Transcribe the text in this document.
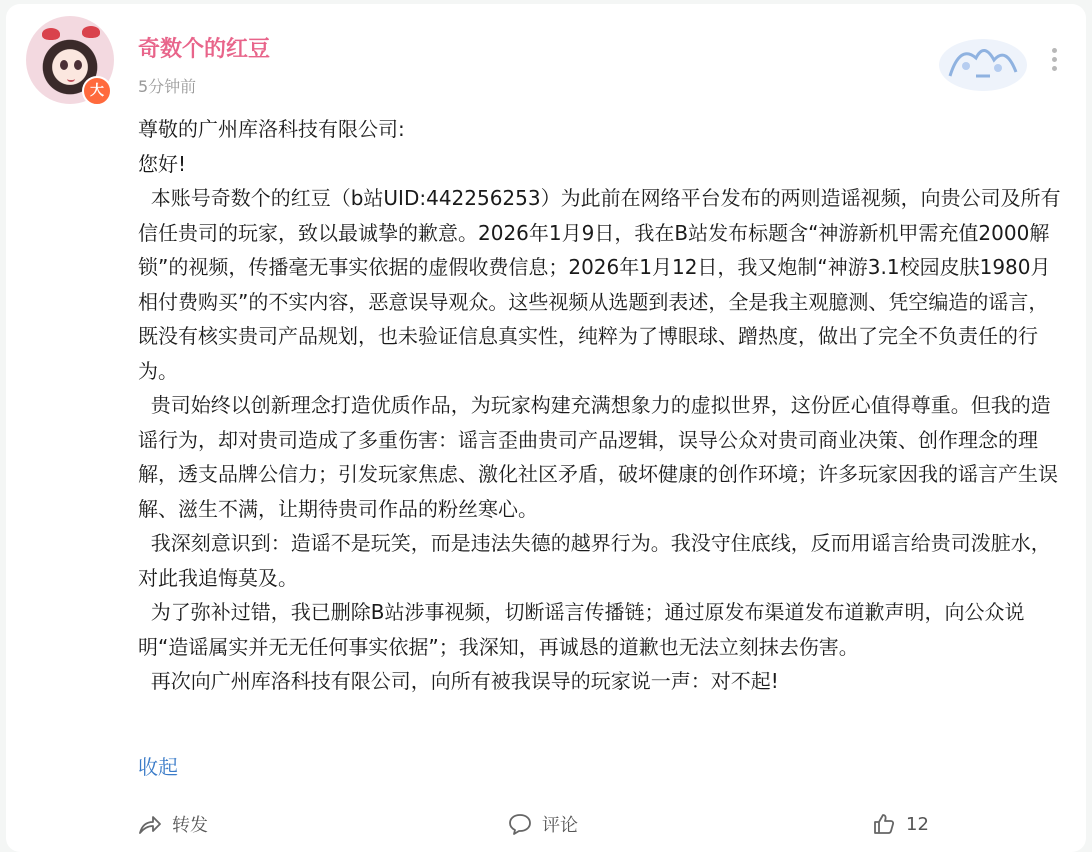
大
奇数个的红豆
5分钟前

尊敬的广州库洛科技有限公司:

您好!

本账号奇数个的红豆（b站UID:442256253）为此前在网络平台发布的两则造谣视频，向贵公司及所有信任贵司的玩家，致以最诚挚的歉意。2026年1月9日，我在B站发布标题含“神游新机甲需充值2000解锁”的视频，传播毫无事实依据的虚假收费信息；2026年1月12日，我又炮制“神游3.1校园皮肤1980月相付费购买”的不实内容，恶意误导观众。这些视频从选题到表述，全是我主观臆测、凭空编造的谣言，既没有核实贵司产品规划，也未验证信息真实性，纯粹为了博眼球、蹭热度，做出了完全不负责任的行为。

贵司始终以创新理念打造优质作品，为玩家构建充满想象力的虚拟世界，这份匠心值得尊重。但我的造谣行为，却对贵司造成了多重伤害：谣言歪曲贵司产品逻辑，误导公众对贵司商业决策、创作理念的理解，透支品牌公信力；引发玩家焦虑、激化社区矛盾，破坏健康的创作环境；许多玩家因我的谣言产生误解、滋生不满，让期待贵司作品的粉丝寒心。

我深刻意识到：造谣不是玩笑，而是违法失德的越界行为。我没守住底线，反而用谣言给贵司泼脏水，对此我追悔莫及。

为了弥补过错，我已删除B站涉事视频，切断谣言传播链；通过原发布渠道发布道歉声明，向公众说明“造谣属实并无无任何事实依据”；我深知，再诚恳的道歉也无法立刻抹去伤害。

再次向广州库洛科技有限公司，向所有被我误导的玩家说一声：对不起!

收起
转发	评论	12
